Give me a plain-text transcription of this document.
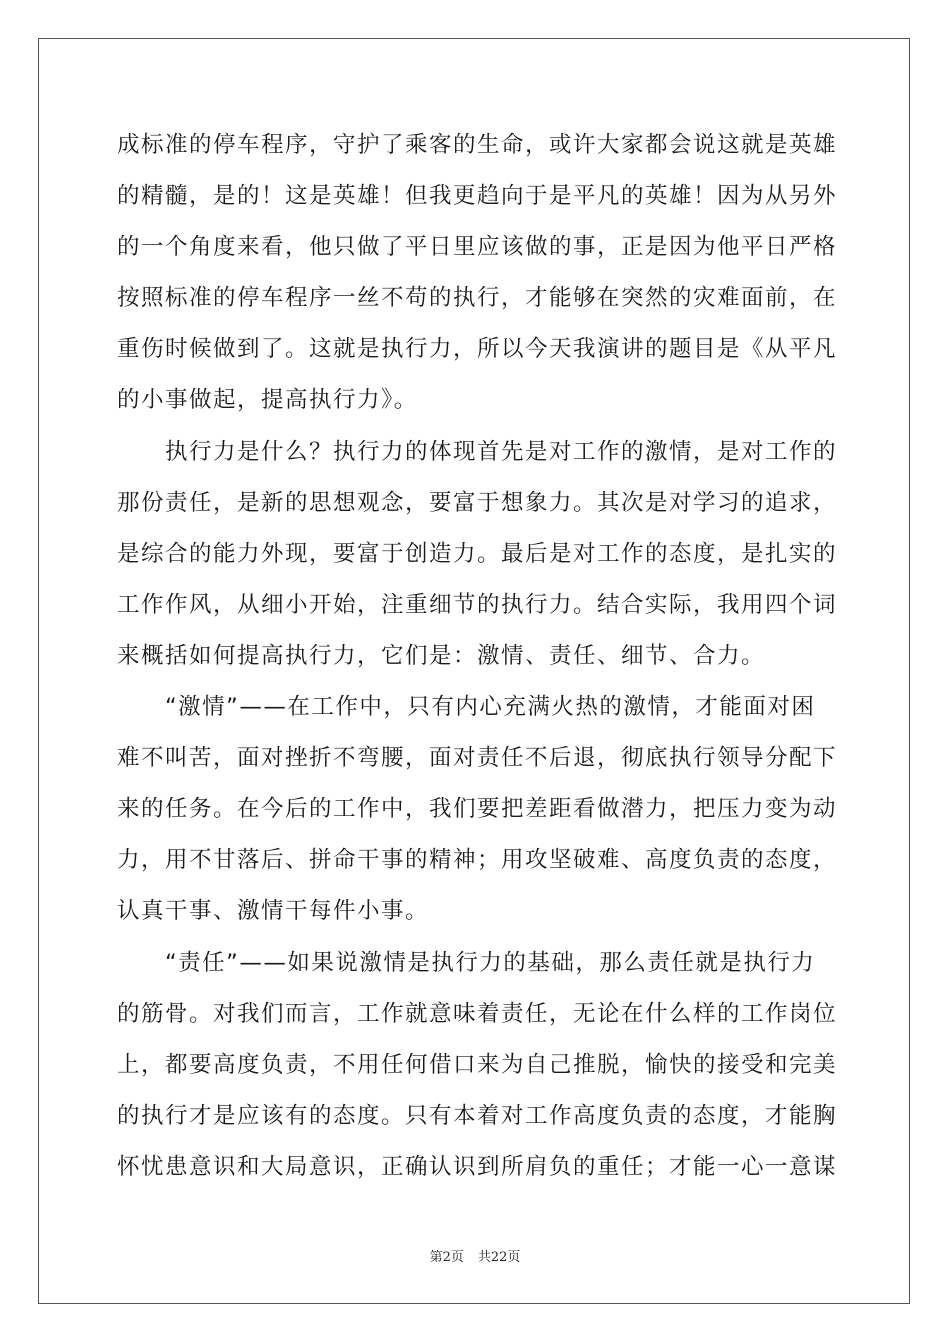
成标准的停车程序，守护了乘客的生命，或许大家都会说这就是英雄
的精髓，是的！这是英雄！但我更趋向于是平凡的英雄！因为从另外
的一个角度来看，他只做了平日里应该做的事，正是因为他平日严格
按照标准的停车程序一丝不苟的执行，才能够在突然的灾难面前，在
重伤时候做到了。这就是执行力，所以今天我演讲的题目是《从平凡
的小事做起，提高执行力》。
　　执行力是什么？执行力的体现首先是对工作的激情，是对工作的
那份责任，是新的思想观念，要富于想象力。其次是对学习的追求，
是综合的能力外现，要富于创造力。最后是对工作的态度，是扎实的
工作作风，从细小开始，注重细节的执行力。结合实际，我用四个词
来概括如何提高执行力，它们是：激情、责任、细节、合力。
　　“激情”——在工作中，只有内心充满火热的激情，才能面对困
难不叫苦，面对挫折不弯腰，面对责任不后退，彻底执行领导分配下
来的任务。在今后的工作中，我们要把差距看做潜力，把压力变为动
力，用不甘落后、拼命干事的精神；用攻坚破难、高度负责的态度，
认真干事、激情干每件小事。
　　“责任”——如果说激情是执行力的基础，那么责任就是执行力
的筋骨。对我们而言，工作就意味着责任，无论在什么样的工作岗位
上，都要高度负责，不用任何借口来为自己推脱，愉快的接受和完美
的执行才是应该有的态度。只有本着对工作高度负责的态度，才能胸
怀忧患意识和大局意识，正确认识到所肩负的重任；才能一心一意谋
第2页 共22页
